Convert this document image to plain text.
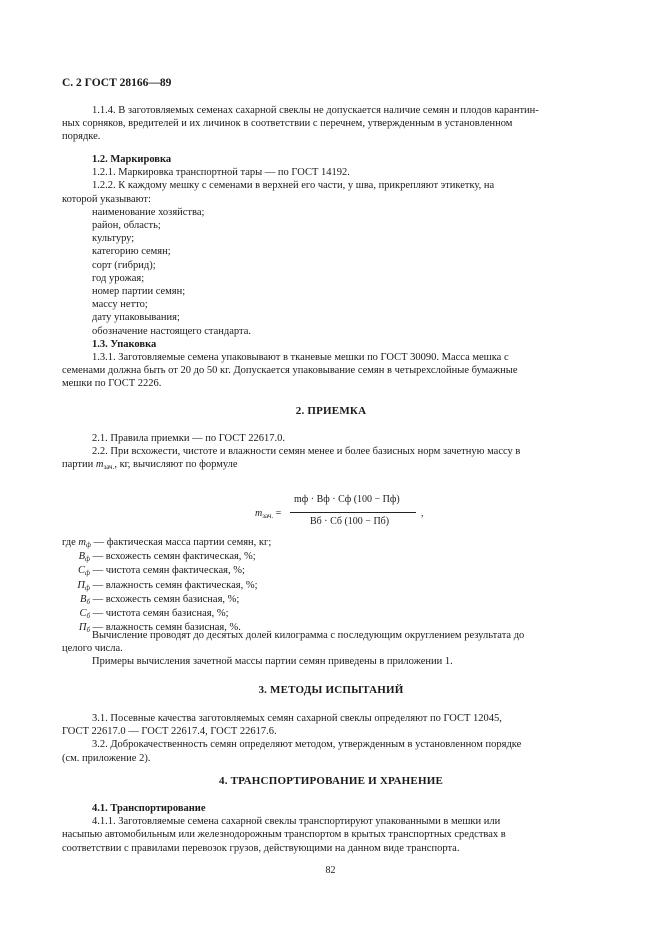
С. 2 ГОСТ 28166—89
1.1.4. В заготовляемых семенах сахарной свеклы не допускается наличие семян и плодов карантин-
ных сорняков, вредителей и их личинок в соответствии с перечнем, утвержденным в установленном
порядке.
1.2. Маркировка
1.2.1. Маркировка транспортной тары — по ГОСТ 14192.
1.2.2. К каждому мешку с семенами в верхней его части, у шва, прикрепляют этикетку, на
которой указывают:
наименование хозяйства;
район, область;
культуру;
категорию семян;
сорт (гибрид);
год урожая;
номер партии семян;
массу нетто;
дату упаковывания;
обозначение настоящего стандарта.
1.3. Упаковка
1.3.1. Заготовляемые семена упаковывают в тканевые мешки по ГОСТ 30090. Масса мешка с
семенами должна быть от 20 до 50 кг. Допускается упаковывание семян в четырехслойные бумажные
мешки по ГОСТ 2226.
2. ПРИЕМКА
2.1. Правила приемки — по ГОСТ 22617.0.
2.2. При всхожести, чистоте и влажности семян менее и более базисных норм зачетную массу в
партии mзач., кг, вычисляют по формуле
$m_{зач.}$ =
mф · Вф · Сф (100 − Пф)
Вб · Сб (100 − Пб)
,
где mф — фактическая масса партии семян, кг;
Вф — всхожесть семян фактическая, %;
Сф — чистота семян фактическая, %;
Пф — влажность семян фактическая, %;
Вб — всхожесть семян базисная, %;
Сб — чистота семян базисная, %;
Пб — влажность семян базисная, %.
Вычисление проводят до десятых долей килограмма с последующим округлением результата до
целого числа.
Примеры вычисления зачетной массы партии семян приведены в приложении 1.
3. МЕТОДЫ ИСПЫТАНИЙ
3.1. Посевные качества заготовляемых семян сахарной свеклы определяют по ГОСТ 12045,
ГОСТ 22617.0 — ГОСТ 22617.4, ГОСТ 22617.6.
3.2. Доброкачественность семян определяют методом, утвержденным в установленном порядке
(см. приложение 2).
4. ТРАНСПОРТИРОВАНИЕ И ХРАНЕНИЕ
4.1. Транспортирование
4.1.1. Заготовляемые семена сахарной свеклы транспортируют упакованными в мешки или
насыпью автомобильным или железнодорожным транспортом в крытых транспортных средствах в
соответствии с правилами перевозок грузов, действующими на данном виде транспорта.
82
